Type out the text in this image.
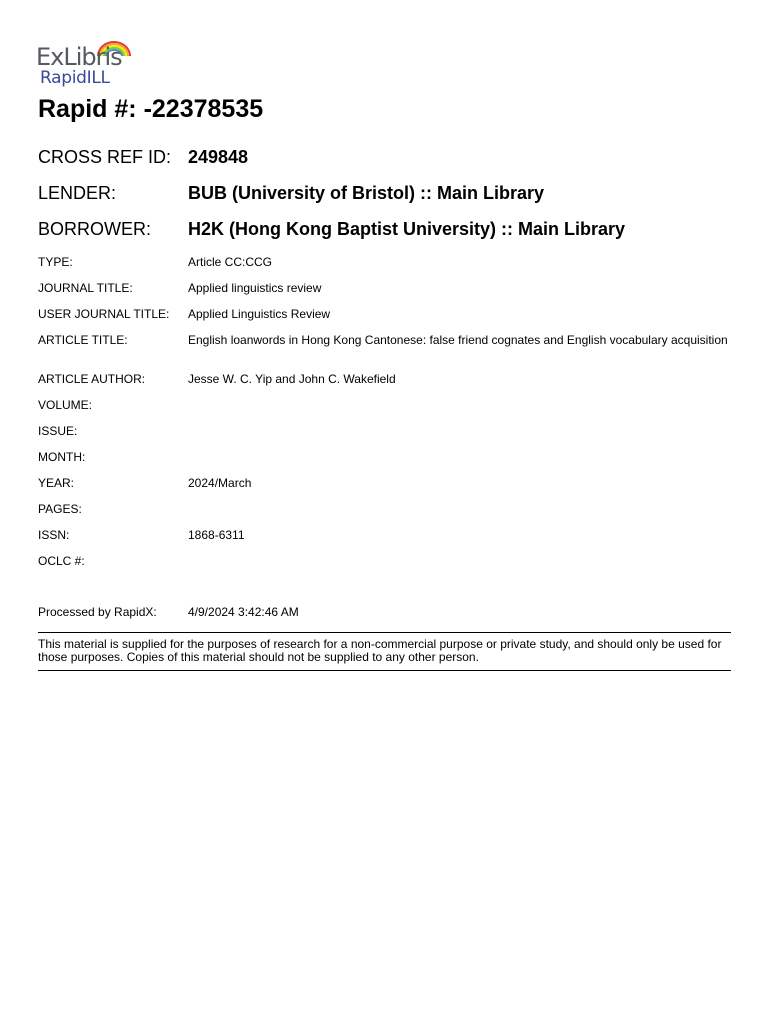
ExLibris
RapidILL
Rapid #: -22378535
CROSS REF ID: 249848
LENDER:	BUB (University of Bristol) :: Main Library
BORROWER: H2K (Hong Kong Baptist University) :: Main Library
TYPE:	Article CC:CCG
JOURNAL TITLE:	Applied linguistics review
USER JOURNAL TITLE: Applied Linguistics Review
ARTICLE TITLE:	English loanwords in Hong Kong Cantonese: false friend cognates and English vocabulary acquisition
ARTICLE AUTHOR:	Jesse W. C. Yip and John C. Wakefield
VOLUME:
ISSUE:
MONTH:
YEAR:	2024/March
PAGES:
ISSN:	1868-6311
OCLC #:
Processed by RapidX:	4/9/2024 3:42:46 AM
This material is supplied for the purposes of research for a non-commercial purpose or private study, and should only be used for those purposes. Copies of this material should not be supplied to any other person.
